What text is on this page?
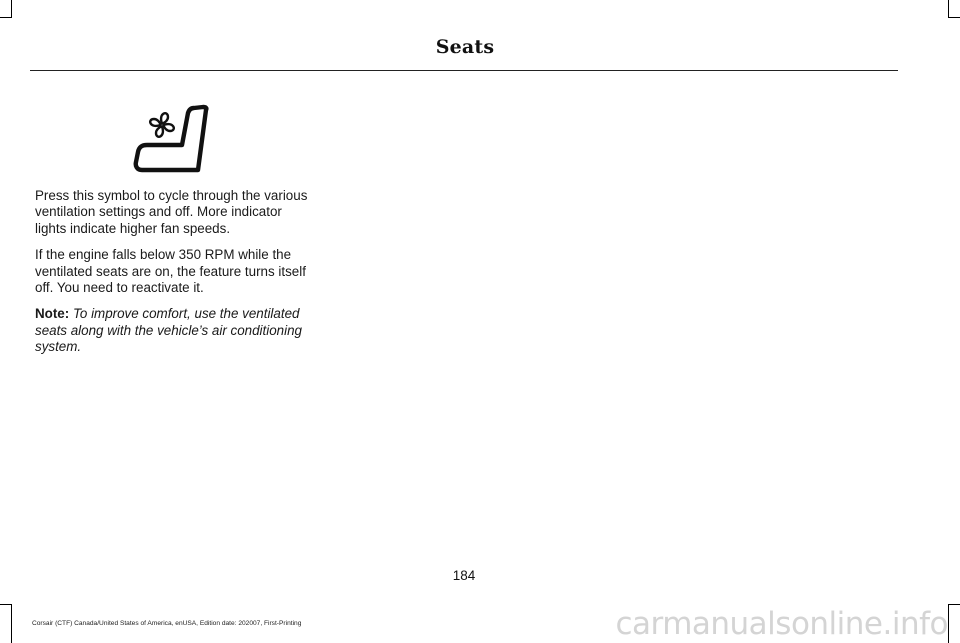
Seats

Press this symbol to cycle through the various ventilation settings and off. More indicator lights indicate higher fan speeds.

If the engine falls below 350 RPM while the ventilated seats are on, the feature turns itself off. You need to reactivate it.

Note: To improve comfort, use the ventilated seats along with the vehicle’s air conditioning system.

184
Corsair (CTF) Canada/United States of America, enUSA, Edition date: 202007, First-Printing	carmanualsonline.info
